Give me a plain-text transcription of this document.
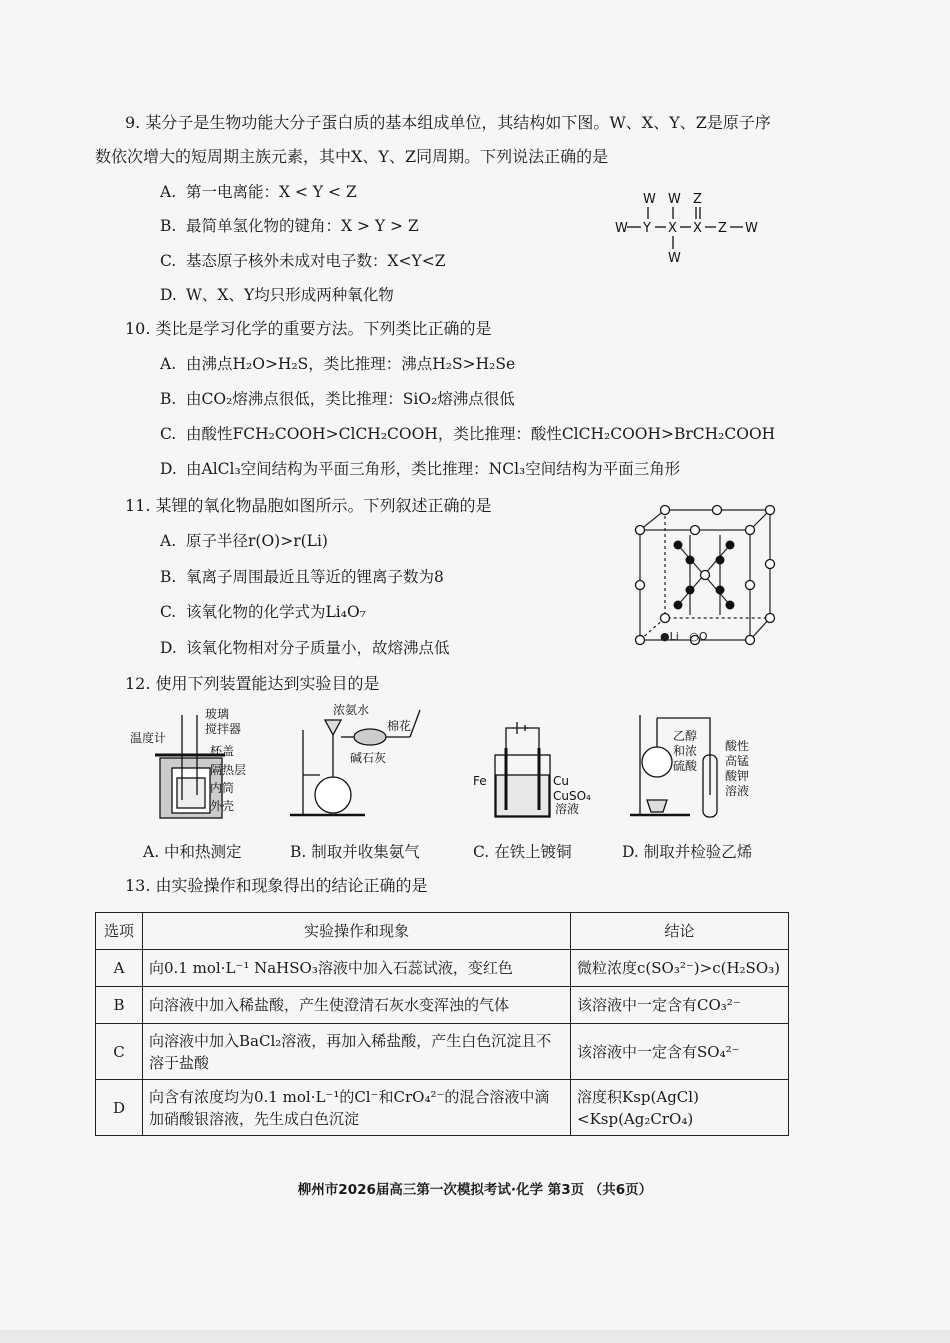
9. 某分子是生物功能大分子蛋白质的基本组成单位，其结构如下图。W、X、Y、Z是原子序
数依次增大的短周期主族元素，其中X、Y、Z同周期。下列说法正确的是
A. 第一电离能：X < Y < Z
B. 最简单氢化物的键角：X > Y > Z
C. 基态原子核外未成对电子数：X<Y<Z
D. W、X、Y均只形成两种氧化物
W W Z
W Y X X Z W
W
10. 类比是学习化学的重要方法。下列类比正确的是
A. 由沸点H₂O>H₂S，类比推理：沸点H₂S>H₂Se
B. 由CO₂熔沸点很低，类比推理：SiO₂熔沸点很低
C. 由酸性FCH₂COOH>ClCH₂COOH，类比推理：酸性ClCH₂COOH>BrCH₂COOH
D. 由AlCl₃空间结构为平面三角形，类比推理：NCl₃空间结构为平面三角形
11. 某锂的氧化物晶胞如图所示。下列叙述正确的是
A. 原子半径r(O)>r(Li)
B. 氧离子周围最近且等近的锂离子数为8
C. 该氧化物的化学式为Li₄O₇
D. 该氧化物相对分子质量小，故熔沸点低
●Li ○O
12. 使用下列装置能达到实验目的是
温度计
玻璃
搅拌器
杯盖
隔热层
内筒
外壳
浓氨水
棉花
碱石灰
Fe	Cu
CuSO₄
溶液
乙醇
和浓
硫酸
酸性
高锰
酸钾
溶液
A. 中和热测定	B. 制取并收集氨气	C. 在铁上镀铜	D. 制取并检验乙烯
13. 由实验操作和现象得出的结论正确的是
选项	实验操作和现象	结论
A	向0.1 mol·L⁻¹ NaHSO₃溶液中加入石蕊试液，变红色	微粒浓度c(SO₃²⁻)>c(H₂SO₃)
B	向溶液中加入稀盐酸，产生使澄清石灰水变浑浊的气体	该溶液中一定含有CO₃²⁻
C	向溶液中加入BaCl₂溶液，再加入稀盐酸，产生白色沉淀且不溶于盐酸	该溶液中一定含有SO₄²⁻
D	向含有浓度均为0.1 mol·L⁻¹的Cl⁻和CrO₄²⁻的混合溶液中滴加硝酸银溶液，先生成白色沉淀	溶度积Ksp(AgCl)<Ksp(Ag₂CrO₄)
柳州市2026届高三第一次模拟考试·化学 第3页 （共6页）
